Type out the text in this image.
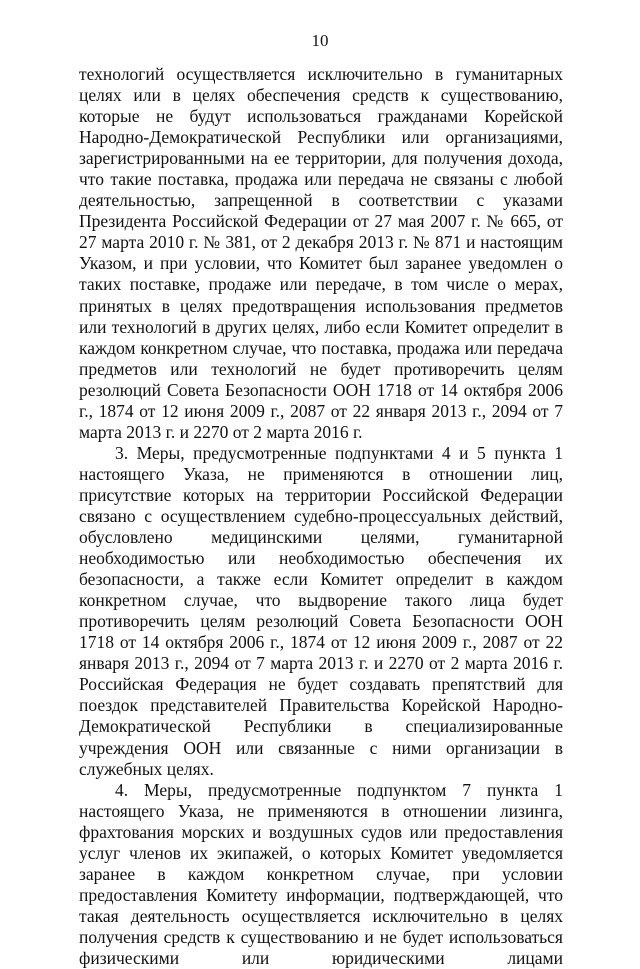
10

технологий осуществляется исключительно в гуманитарных целях или в целях обеспечения средств к существованию, которые не будут использоваться гражданами Корейской Народно-Демократической Республики или организациями, зарегистрированными на ее территории, для получения дохода, что такие поставка, продажа или передача не связаны с любой деятельностью, запрещенной в соответствии с указами Президента Российской Федерации от 27 мая 2007 г. № 665, от 27 марта 2010 г. № 381, от 2 декабря 2013 г. № 871 и настоящим Указом, и при условии, что Комитет был заранее уведомлен о таких поставке, продаже или передаче, в том числе о мерах, принятых в целях предотвращения использования предметов или технологий в других целях, либо если Комитет определит в каждом конкретном случае, что поставка, продажа или передача предметов или технологий не будет противоречить целям резолюций Совета Безопасности ООН 1718 от 14 октября 2006 г., 1874 от 12 июня 2009 г., 2087 от 22 января 2013 г., 2094 от 7 марта 2013 г. и 2270 от 2 марта 2016 г.

3. Меры, предусмотренные подпунктами 4 и 5 пункта 1 настоящего Указа, не применяются в отношении лиц, присутствие которых на территории Российской Федерации связано с осуществлением судебно-процессуальных действий, обусловлено медицинскими целями, гуманитарной необходимостью или необходимостью обеспечения их безопасности, а также если Комитет определит в каждом конкретном случае, что выдворение такого лица будет противоречить целям резолюций Совета Безопасности ООН 1718 от 14 октября 2006 г., 1874 от 12 июня 2009 г., 2087 от 22 января 2013 г., 2094 от 7 марта 2013 г. и 2270 от 2 марта 2016 г. Российская Федерация не будет создавать препятствий для поездок представителей Правительства Корейской Народно-Демократической Республики в специализированные учреждения ООН или связанные с ними организации в служебных целях.

4. Меры, предусмотренные подпунктом 7 пункта 1 настоящего Указа, не применяются в отношении лизинга, фрахтования морских и воздушных судов или предоставления услуг членов их экипажей, о которых Комитет уведомляется заранее в каждом конкретном случае, при условии предоставления Комитету информации, подтверждающей, что такая деятельность осуществляется исключительно в целях получения средств к существованию и не будет использоваться физическими или юридическими лицами
